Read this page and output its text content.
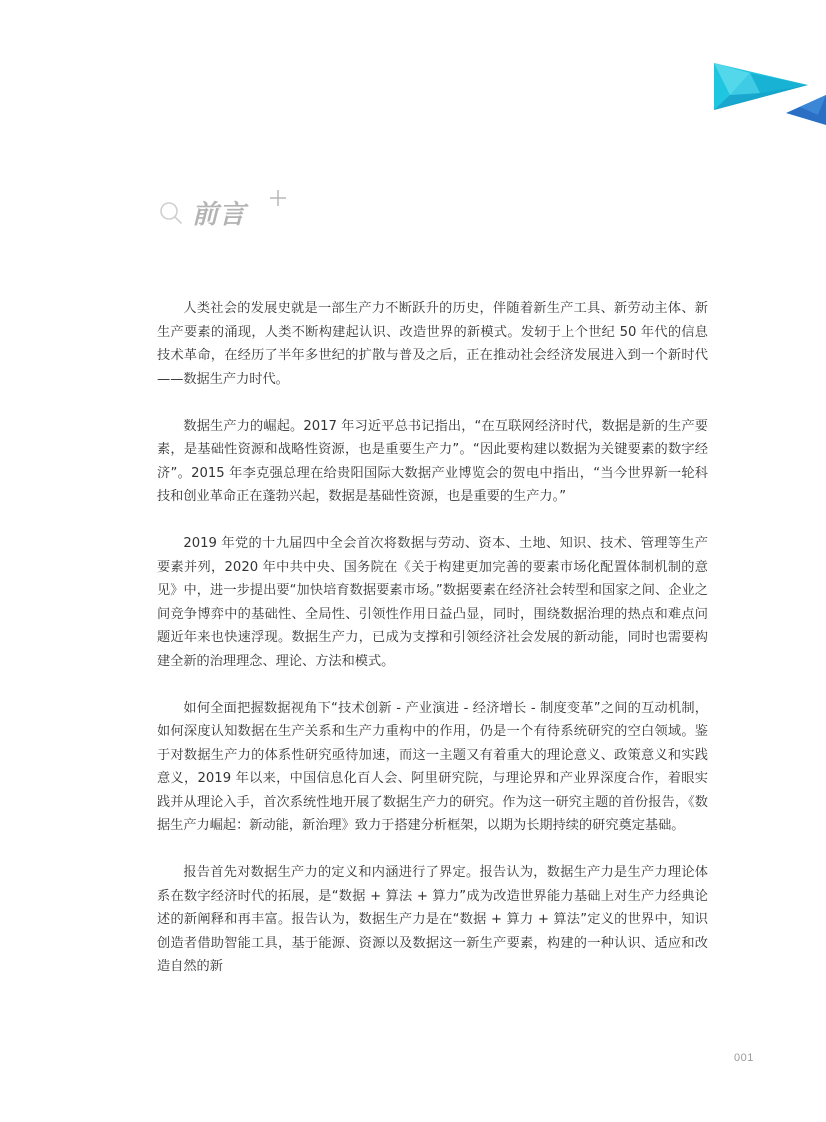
前言

人类社会的发展史就是一部生产力不断跃升的历史，伴随着新生产工具、新劳动主体、新生产要素的涌现，人类不断构建起认识、改造世界的新模式。发轫于上个世纪 50 年代的信息技术革命，在经历了半年多世纪的扩散与普及之后，正在推动社会经济发展进入到一个新时代——数据生产力时代。

数据生产力的崛起。2017 年习近平总书记指出，“在互联网经济时代，数据是新的生产要素，是基础性资源和战略性资源，也是重要生产力”。“因此要构建以数据为关键要素的数字经济”。2015 年李克强总理在给贵阳国际大数据产业博览会的贺电中指出，“当今世界新一轮科技和创业革命正在蓬勃兴起，数据是基础性资源，也是重要的生产力。”

2019 年党的十九届四中全会首次将数据与劳动、资本、土地、知识、技术、管理等生产要素并列，2020 年中共中央、国务院在《关于构建更加完善的要素市场化配置体制机制的意见》中，进一步提出要“加快培育数据要素市场。”数据要素在经济社会转型和国家之间、企业之间竞争博弈中的基础性、全局性、引领性作用日益凸显，同时，围绕数据治理的热点和难点问题近年来也快速浮现。数据生产力，已成为支撑和引领经济社会发展的新动能，同时也需要构建全新的治理理念、理论、方法和模式。

如何全面把握数据视角下“技术创新 - 产业演进 - 经济增长 - 制度变革”之间的互动机制，如何深度认知数据在生产关系和生产力重构中的作用，仍是一个有待系统研究的空白领域。鉴于对数据生产力的体系性研究亟待加速，而这一主题又有着重大的理论意义、政策意义和实践意义，2019 年以来，中国信息化百人会、阿里研究院，与理论界和产业界深度合作，着眼实践并从理论入手，首次系统性地开展了数据生产力的研究。作为这一研究主题的首份报告，《数据生产力崛起：新动能，新治理》致力于搭建分析框架，以期为长期持续的研究奠定基础。

报告首先对数据生产力的定义和内涵进行了界定。报告认为，数据生产力是生产力理论体系在数字经济时代的拓展，是“数据 + 算法 + 算力”成为改造世界能力基础上对生产力经典论述的新阐释和再丰富。报告认为，数据生产力是在“数据 + 算力 + 算法”定义的世界中，知识创造者借助智能工具，基于能源、资源以及数据这一新生产要素，构建的一种认识、适应和改造自然的新

001
